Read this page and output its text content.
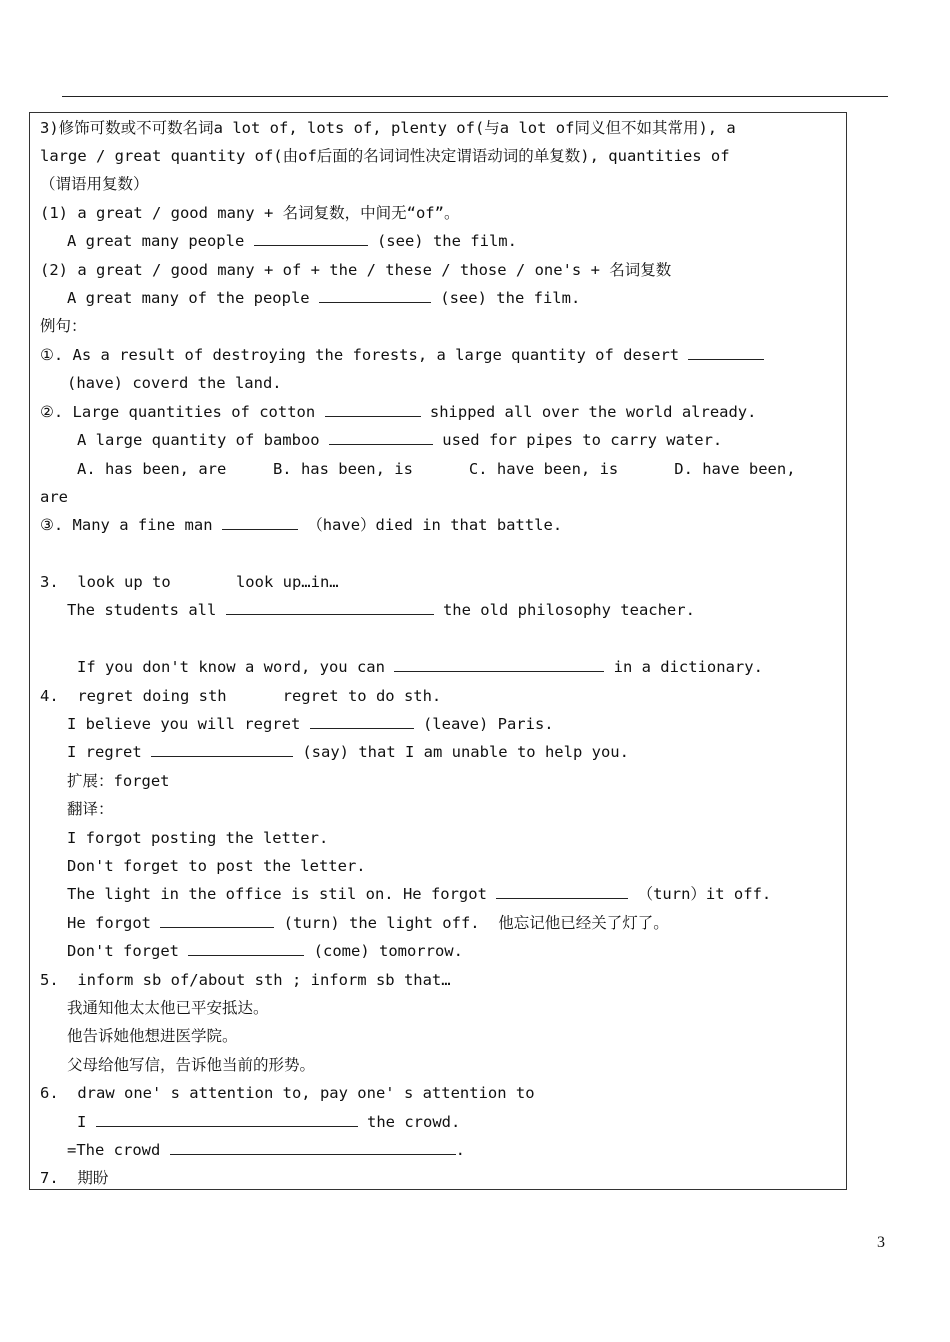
3)修饰可数或不可数名词a lot of, lots of, plenty of(与a lot of同义但不如其常用), a
large / great quantity of(由of后面的名词词性决定谓语动词的单复数), quantities of
（谓语用复数）
(1) a great / good many + 名词复数，中间无“of”。
A great many people	(see) the film.
(2) a great / good many + of + the / these / those / one's + 名词复数
A great many of the people	(see) the film.
例句：
①. As a result of destroying the forests, a large quantity of desert
(have) coverd the land.
②. Large quantities of cotton	shipped all over the world already.
A large quantity of bamboo	used for pipes to carry water.
A. has been, are     B. has been, is      C. have been, is      D. have been,
are
③. Many a fine man	（have）died in that battle.
3.  look up to       look up…in…
The students all	the old philosophy teacher.
If you don't know a word, you can	in a dictionary.
4.  regret doing sth      regret to do sth.
I believe you will regret	(leave) Paris.
I regret	(say) that I am unable to help you.
扩展：forget
翻译：
I forgot posting the letter.
Don't forget to post the letter.
The light in the office is stil on. He forgot	（turn）it off.
He forgot	(turn) the light off.  他忘记他已经关了灯了。
Don't forget	(come) tomorrow.
5.  inform sb of/about sth ; inform sb that…
我通知他太太他已平安抵达。
他告诉她他想进医学院。
父母给他写信，告诉他当前的形势。
6.  draw one' s attention to, pay one' s attention to
I	the crowd.
=The crowd	.
7.  期盼
3
